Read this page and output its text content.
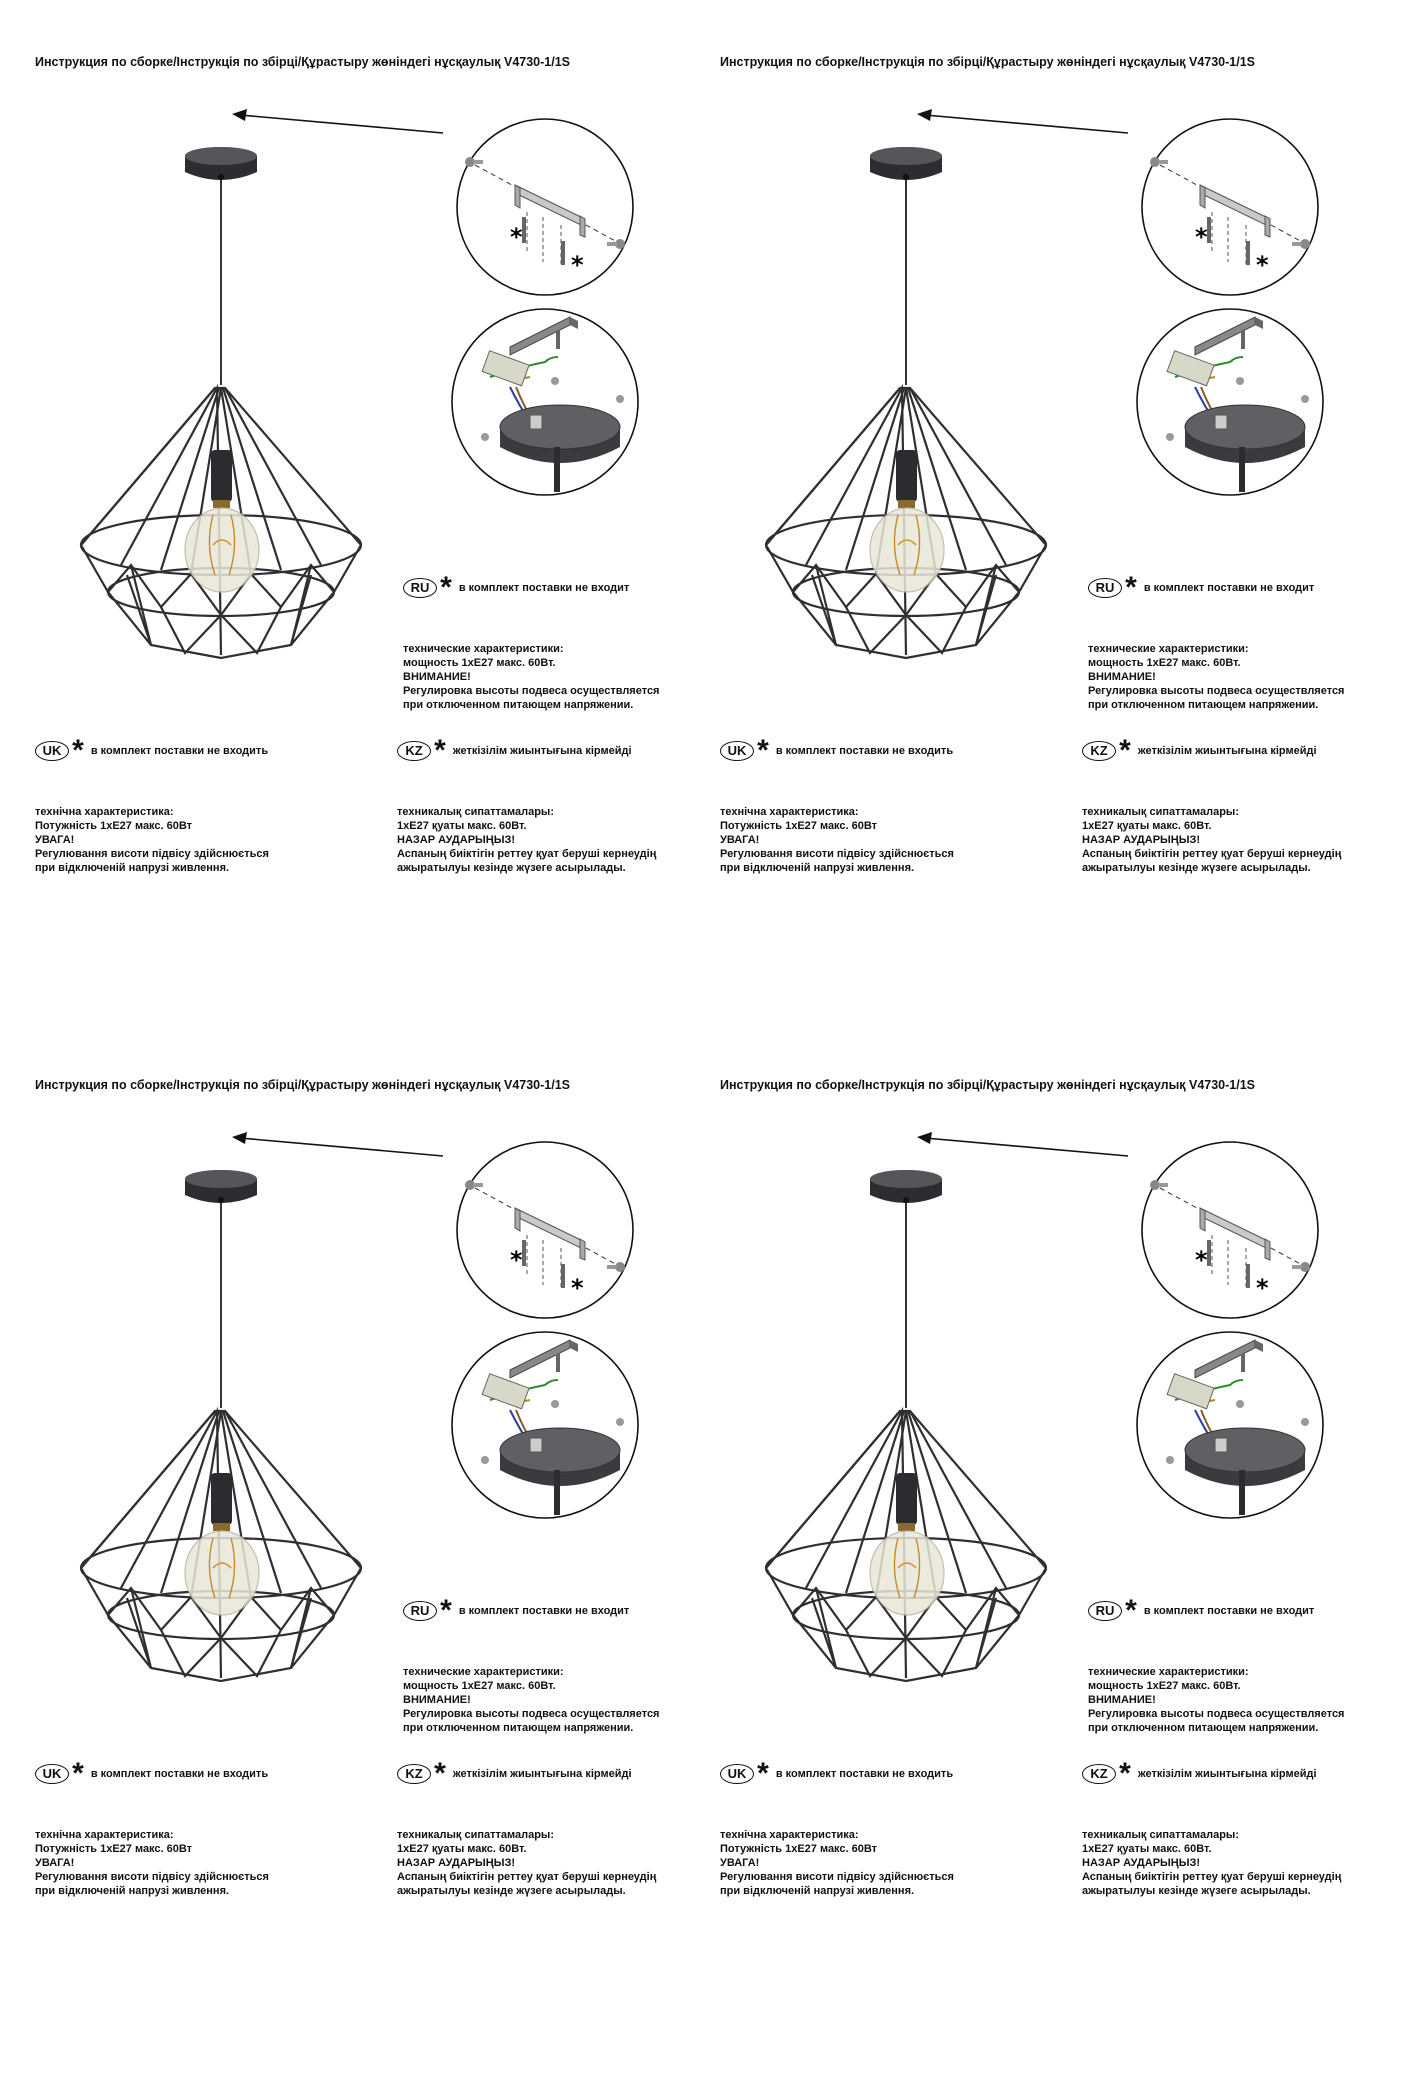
Инструкция по сборке/Інструкція по збірці/Құрастыру жөніндегі нұсқаулық V4730-1/1S
*
*
RU * в комплект поставки не входит
технические характеристики:
мощность 1xE27 макс. 60Вт.
ВНИМАНИЕ!
Регулировка высоты подвеса осуществляется
при отключенном питающем напряжении.
UK * в комплект поставки не входить
технічна характеристика:
Потужність 1xE27 макс. 60Вт
УВАГА!
Регулювання висоти підвісу здійснюється
при відключеній напрузі живлення.
KZ * жеткізілім жиынтығына кірмейді
техникалық сипаттамалары:
1xE27 қуаты макс. 60Вт.
НАЗАР АУДАРЫҢЫЗ!
Аспаның биіктігін реттеу қуат беруші кернеудің
ажыратылуы кезінде жүзеге асырылады.
Инструкция по сборке/Інструкція по збірці/Құрастыру жөніндегі нұсқаулық V4730-1/1S
*
*
RU * в комплект поставки не входит
технические характеристики:
мощность 1xE27 макс. 60Вт.
ВНИМАНИЕ!
Регулировка высоты подвеса осуществляется
при отключенном питающем напряжении.
UK * в комплект поставки не входить
технічна характеристика:
Потужність 1xE27 макс. 60Вт
УВАГА!
Регулювання висоти підвісу здійснюється
при відключеній напрузі живлення.
KZ * жеткізілім жиынтығына кірмейді
техникалық сипаттамалары:
1xE27 қуаты макс. 60Вт.
НАЗАР АУДАРЫҢЫЗ!
Аспаның биіктігін реттеу қуат беруші кернеудің
ажыратылуы кезінде жүзеге асырылады.
Инструкция по сборке/Інструкція по збірці/Құрастыру жөніндегі нұсқаулық V4730-1/1S
*
*
RU * в комплект поставки не входит
технические характеристики:
мощность 1xE27 макс. 60Вт.
ВНИМАНИЕ!
Регулировка высоты подвеса осуществляется
при отключенном питающем напряжении.
UK * в комплект поставки не входить
технічна характеристика:
Потужність 1xE27 макс. 60Вт
УВАГА!
Регулювання висоти підвісу здійснюється
при відключеній напрузі живлення.
KZ * жеткізілім жиынтығына кірмейді
техникалық сипаттамалары:
1xE27 қуаты макс. 60Вт.
НАЗАР АУДАРЫҢЫЗ!
Аспаның биіктігін реттеу қуат беруші кернеудің
ажыратылуы кезінде жүзеге асырылады.
Инструкция по сборке/Інструкція по збірці/Құрастыру жөніндегі нұсқаулық V4730-1/1S
*
*
RU * в комплект поставки не входит
технические характеристики:
мощность 1xE27 макс. 60Вт.
ВНИМАНИЕ!
Регулировка высоты подвеса осуществляется
при отключенном питающем напряжении.
UK * в комплект поставки не входить
технічна характеристика:
Потужність 1xE27 макс. 60Вт
УВАГА!
Регулювання висоти підвісу здійснюється
при відключеній напрузі живлення.
KZ * жеткізілім жиынтығына кірмейді
техникалық сипаттамалары:
1xE27 қуаты макс. 60Вт.
НАЗАР АУДАРЫҢЫЗ!
Аспаның биіктігін реттеу қуат беруші кернеудің
ажыратылуы кезінде жүзеге асырылады.
